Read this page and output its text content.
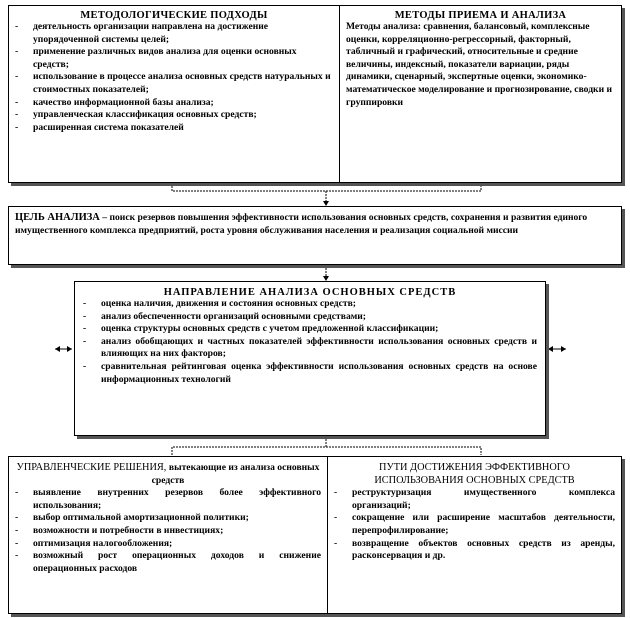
МЕТОДОЛОГИЧЕСКИЕ ПОДХОДЫ
-	деятельность организации направлена на достижение упорядоченной системы целей;
-	применение различных видов анализа для оценки основных средств;
-	использование в процессе анализа основных средств натуральных и стоимостных показателей;
-	качество информационной базы анализа;
-	управленческая классификация основных средств;
-	расширенная система показателей
МЕТОДЫ ПРИЕМА И АНАЛИЗА
Методы анализа: сравнения, балансовый, комплексные оценки, корреляционно-регрессорный, факторный, табличный и графический, относительные и средние величины, индексный, показатели вариации, ряды динамики, сценарный, экспертные оценки, экономико-математическое моделирование и прогнозирование, сводки и группировки
ЦЕЛЬ АНАЛИЗА – поиск резервов повышения эффективности использования основных средств, сохранения и развития единого имущественного комплекса предприятий, роста уровня обслуживания населения и реализация социальной миссии
НАПРАВЛЕНИЕ АНАЛИЗА ОСНОВНЫХ СРЕДСТВ
-	оценка наличия, движения и состояния основных средств;
-	анализ обеспеченности организаций основными средствами;
-	оценка структуры основных средств с учетом предложенной классификации;
-	анализ обобщающих и частных показателей эффективности использования основных средств и влияющих на них факторов;
-	сравнительная рейтинговая оценка эффективности использования основных средств на основе информационных технологий
УПРАВЛЕНЧЕСКИЕ РЕШЕНИЯ, вытекающие из анализа основных средств
-	выявление внутренних резервов более эффективного использования;
-	выбор оптимальной амортизационной политики;
-	возможности и потребности в инвестициях;
-	оптимизация налогообложения;
-	возможный рост операционных доходов и снижение операционных расходов
ПУТИ ДОСТИЖЕНИЯ ЭФФЕКТИВНОГО ИСПОЛЬЗОВАНИЯ ОСНОВНЫХ СРЕДСТВ
-	реструктуризация имущественного комплекса организаций;
-	сокращение или расширение масштабов деятельности, перепрофилирование;
-	возвращение объектов основных средств из аренды, расконсервация и др.
